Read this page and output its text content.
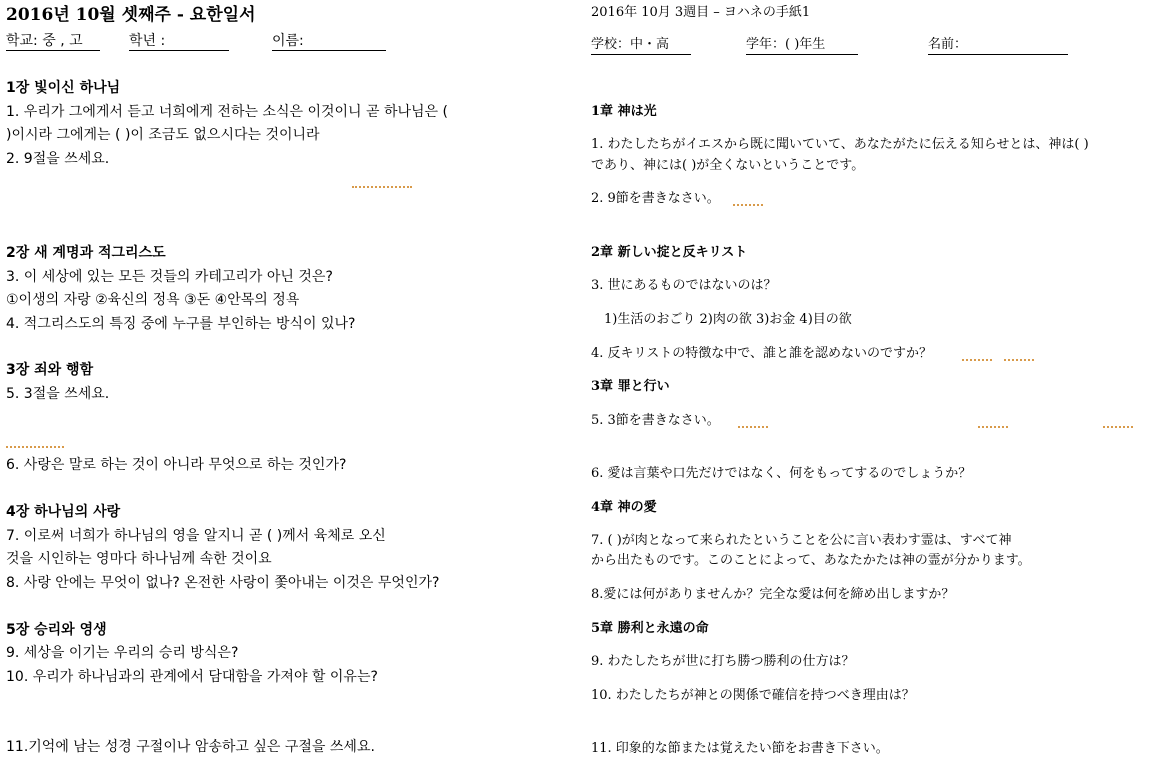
2016년 10월 셋째주 - 요한일서
학교: 중 , 고	학년 :	이름:
1장 빛이신 하나님
1. 우리가 그에게서 듣고 너희에게 전하는 소식은 이것이니 곧 하나님은 (
)이시라 그에게는 ( )이 조금도 없으시다는 것이니라
2. 9절을 쓰세요.
2장 새 계명과 적그리스도
3. 이 세상에 있는 모든 것들의 카테고리가 아닌 것은?
①이생의 자랑 ②육신의 정욕 ③돈 ④안목의 정욕
4. 적그리스도의 특징 중에 누구를 부인하는 방식이 있나?
3장 죄와 행함
5. 3절을 쓰세요.
6. 사랑은 말로 하는 것이 아니라 무엇으로 하는 것인가?
4장 하나님의 사랑
7. 이로써 너희가 하나님의 영을 알지니 곧 ( )께서 육체로 오신
것을 시인하는 영마다 하나님께 속한 것이요
8. 사랑 안에는 무엇이 없나? 온전한 사랑이 쫓아내는 이것은 무엇인가?
5장 승리와 영생
9. 세상을 이기는 우리의 승리 방식은?
10. 우리가 하나님과의 관계에서 담대함을 가져야 할 이유는?
11.기억에 남는 성경 구절이나 암송하고 싶은 구절을 쓰세요.
2016年 10月 3週目 – ヨハネの手紙1
学校：中・高	学年：( )年生	名前：
1章 神は光
1. わたしたちがイエスから既に聞いていて、あなたがたに伝える知らせとは、神は( )
であり、神には( )が全くないということです。
2. 9節を書きなさい。
2章 新しい掟と反キリスト
3. 世にあるものではないのは？
1)生活のおごり 2)肉の欲 3)お金 4)目の欲
4. 反キリストの特徴な中で、誰と誰を認めないのですか？
3章 罪と行い
5. 3節を書きなさい。
6. 愛は言葉や口先だけではなく、何をもってするのでしょうか？
4章 神の愛
7. ( )が肉となって来られたということを公に言い表わす霊は、すべて神
から出たものです。このことによって、あなたかたは神の霊が分かります。
8.愛には何がありませんか？完全な愛は何を締め出しますか？
5章 勝利と永遠の命
9. わたしたちが世に打ち勝つ勝利の仕方は？
10. わたしたちが神との関係で確信を持つべき理由は？
11. 印象的な節または覚えたい節をお書き下さい。
